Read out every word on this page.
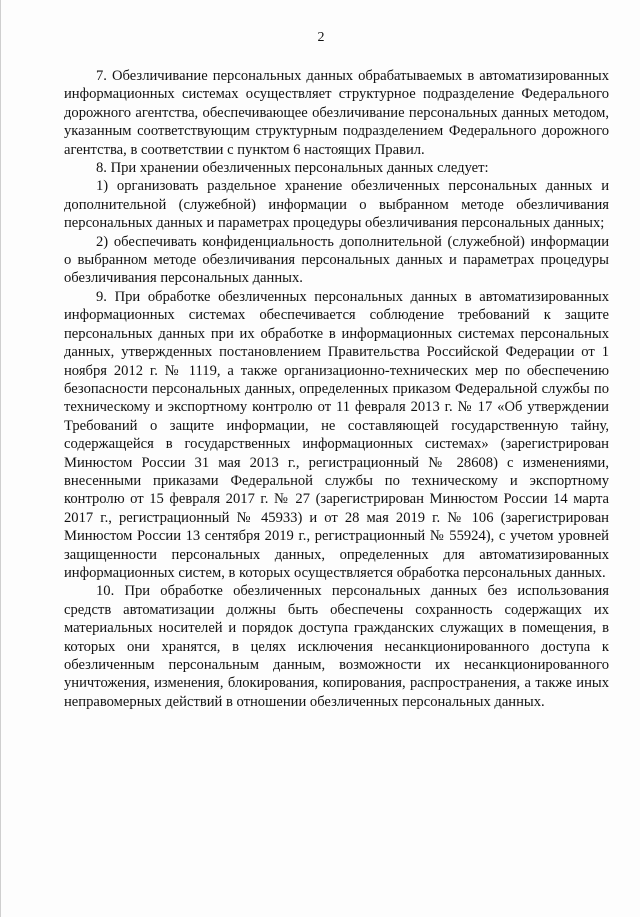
2

7. Обезличивание персональных данных обрабатываемых в автоматизированных информационных системах осуществляет структурное подразделение Федерального дорожного агентства, обеспечивающее обезличивание персональных данных методом, указанным соответствующим структурным подразделением Федерального дорожного агентства, в соответствии с пунктом 6 настоящих Правил.

8. При хранении обезличенных персональных данных следует:

1) организовать раздельное хранение обезличенных персональных данных и дополнительной (служебной) информации о выбранном методе обезличивания персональных данных и параметрах процедуры обезличивания персональных данных;

2) обеспечивать конфиденциальность дополнительной (служебной) информации о выбранном методе обезличивания персональных данных и параметрах процедуры обезличивания персональных данных.

9. При обработке обезличенных персональных данных в автоматизированных информационных системах обеспечивается соблюдение требований к защите персональных данных при их обработке в информационных системах персональных данных, утвержденных постановлением Правительства Российской Федерации от 1 ноября 2012 г. № 1119, а также организационно-технических мер по обеспечению безопасности персональных данных, определенных приказом Федеральной службы по техническому и экспортному контролю от 11 февраля 2013 г. № 17 «Об утверждении Требований о защите информации, не составляющей государственную тайну, содержащейся в государственных информационных системах» (зарегистрирован Минюстом России 31 мая 2013 г., регистрационный № 28608) с изменениями, внесенными приказами Федеральной службы по техническому и экспортному контролю от 15 февраля 2017 г. № 27 (зарегистрирован Минюстом России 14 марта 2017 г., регистрационный № 45933) и от 28 мая 2019 г. № 106 (зарегистрирован Минюстом России 13 сентября 2019 г., регистрационный № 55924), с учетом уровней защищенности персональных данных, определенных для автоматизированных информационных систем, в которых осуществляется обработка персональных данных.

10. При обработке обезличенных персональных данных без использования средств автоматизации должны быть обеспечены сохранность содержащих их материальных носителей и порядок доступа гражданских служащих в помещения, в которых они хранятся, в целях исключения несанкционированного доступа к обезличенным персональным данным, возможности их несанкционированного уничтожения, изменения, блокирования, копирования, распространения, а также иных неправомерных действий в отношении обезличенных персональных данных.
